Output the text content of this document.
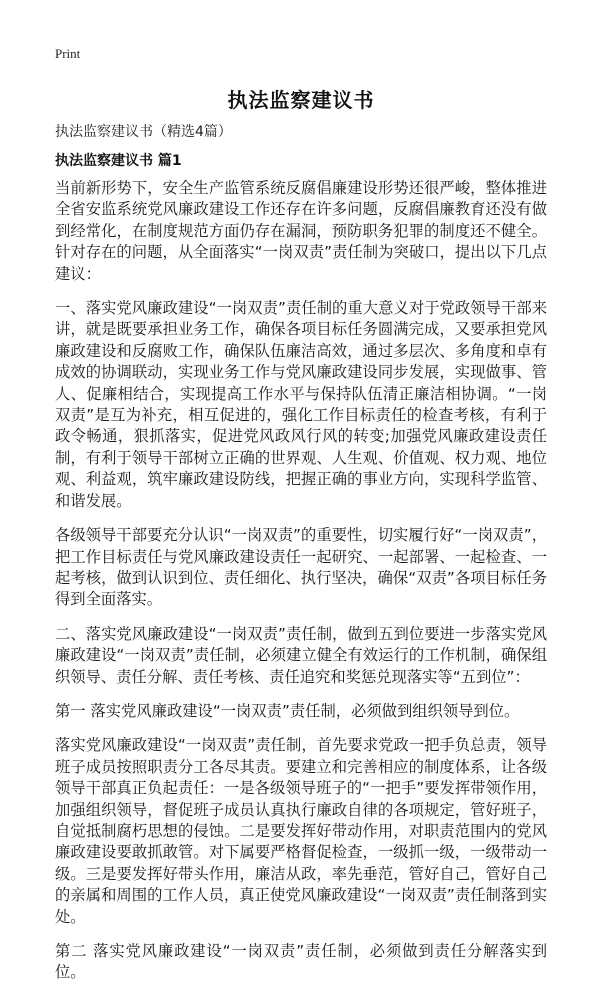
Print
执法监察建议书
执法监察建议书（精选4篇）
执法监察建议书 篇1

当前新形势下，安全生产监管系统反腐倡廉建设形势还很严峻，整体推进全省安监系统党风廉政建设工作还存在许多问题，反腐倡廉教育还没有做到经常化，在制度规范方面仍存在漏洞，预防职务犯罪的制度还不健全。针对存在的问题，从全面落实“一岗双责”责任制为突破口，提出以下几点建议：

一、落实党风廉政建设“一岗双责”责任制的重大意义对于党政领导干部来讲，就是既要承担业务工作，确保各项目标任务圆满完成，又要承担党风廉政建设和反腐败工作，确保队伍廉洁高效，通过多层次、多角度和卓有成效的协调联动，实现业务工作与党风廉政建设同步发展，实现做事、管人、促廉相结合，实现提高工作水平与保持队伍清正廉洁相协调。“一岗双责”是互为补充，相互促进的，强化工作目标责任的检查考核，有利于政令畅通，狠抓落实，促进党风政风行风的转变;加强党风廉政建设责任制，有利于领导干部树立正确的世界观、人生观、价值观、权力观、地位观、利益观，筑牢廉政建设防线，把握正确的事业方向，实现科学监管、和谐发展。

各级领导干部要充分认识“一岗双责”的重要性，切实履行好“一岗双责”，把工作目标责任与党风廉政建设责任一起研究、一起部署、一起检查、一起考核，做到认识到位、责任细化、执行坚决，确保“双责”各项目标任务得到全面落实。

二、落实党风廉政建设“一岗双责”责任制，做到五到位要进一步落实党风廉政建设“一岗双责”责任制，必须建立健全有效运行的工作机制，确保组织领导、责任分解、责任考核、责任追究和奖惩兑现落实等“五到位”：

第一 落实党风廉政建设“一岗双责”责任制，必须做到组织领导到位。

落实党风廉政建设“一岗双责”责任制，首先要求党政一把手负总责，领导班子成员按照职责分工各尽其责。要建立和完善相应的制度体系，让各级领导干部真正负起责任：一是各级领导班子的“一把手”要发挥带领作用，加强组织领导，督促班子成员认真执行廉政自律的各项规定，管好班子，自觉抵制腐朽思想的侵蚀。二是要发挥好带动作用，对职责范围内的党风廉政建设要敢抓敢管。对下属要严格督促检查，一级抓一级，一级带动一级。三是要发挥好带头作用，廉洁从政，率先垂范，管好自己，管好自己的亲属和周围的工作人员，真正使党风廉政建设“一岗双责”责任制落到实处。

第二 落实党风廉政建设“一岗双责”责任制，必须做到责任分解落实到位。
